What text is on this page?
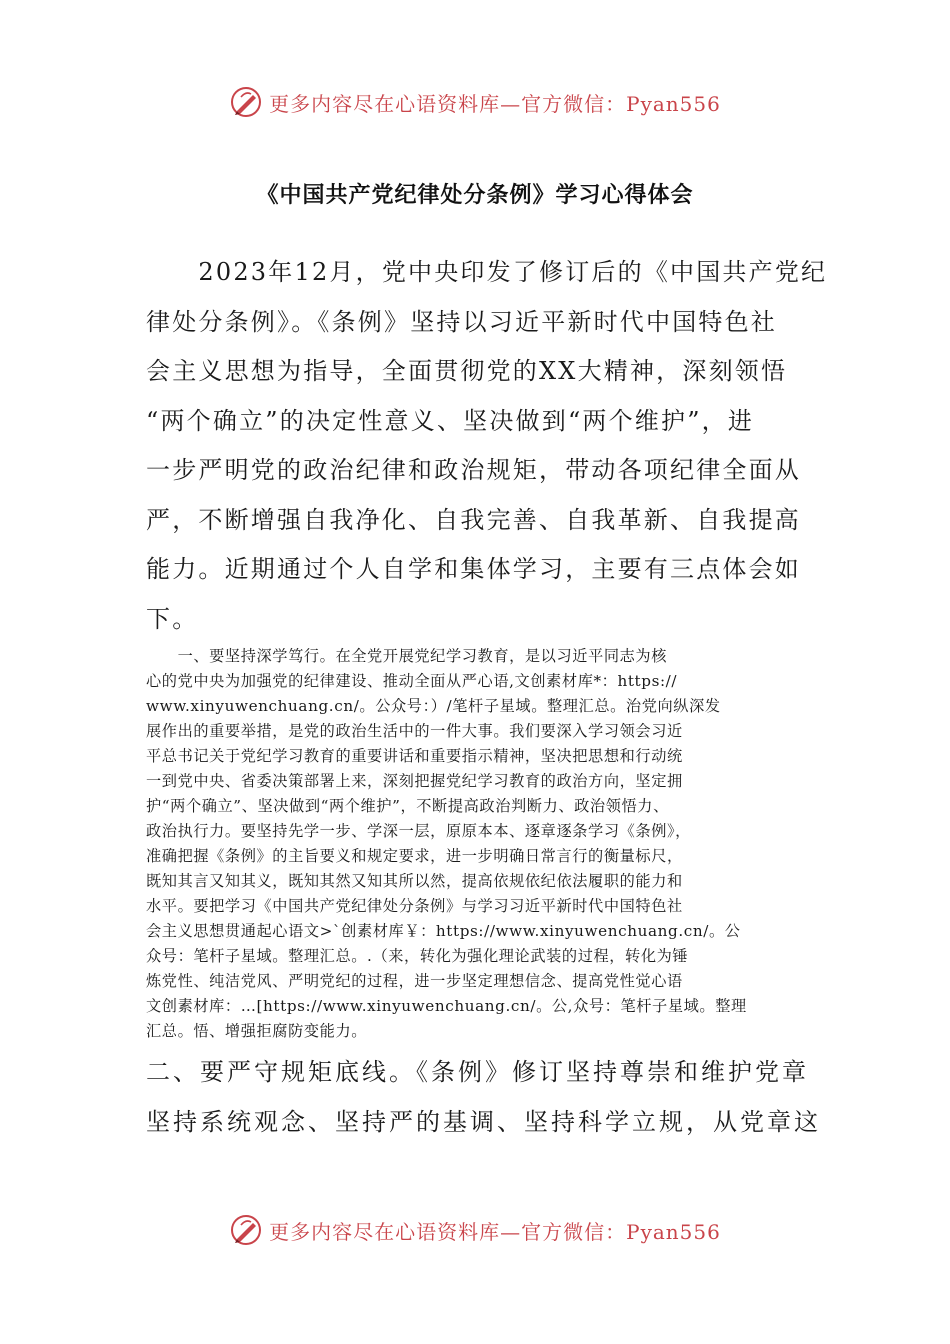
更多内容尽在心语资料库—官方微信：Pyan556
《中国共产党纪律处分条例》学习心得体会
　　2023年12月，党中央印发了修订后的《中国共产党纪
律处分条例》。《条例》坚持以习近平新时代中国特色社
会主义思想为指导，全面贯彻党的XX大精神，深刻领悟
“两个确立”的决定性意义、坚决做到“两个维护”，进
一步严明党的政治纪律和政治规矩，带动各项纪律全面从
严，不断增强自我净化、自我完善、自我革新、自我提高
能力。近期通过个人自学和集体学习，主要有三点体会如
下。
　　一、要坚持深学笃行。在全党开展党纪学习教育，是以习近平同志为核
心的党中央为加强党的纪律建设、推动全面从严心语,文创素材库*：https://
www.xinyuwenchuang.cn/。公众号：）/笔杆子星域。整理汇总。治党向纵深发
展作出的重要举措，是党的政治生活中的一件大事。我们要深入学习领会习近
平总书记关于党纪学习教育的重要讲话和重要指示精神，坚决把思想和行动统
一到党中央、省委决策部署上来，深刻把握党纪学习教育的政治方向，坚定拥
护“两个确立”、坚决做到“两个维护”，不断提高政治判断力、政治领悟力、
政治执行力。要坚持先学一步、学深一层，原原本本、逐章逐条学习《条例》，
准确把握《条例》的主旨要义和规定要求，进一步明确日常言行的衡量标尺，
既知其言又知其义，既知其然又知其所以然，提高依规依纪依法履职的能力和
水平。要把学习《中国共产党纪律处分条例》与学习习近平新时代中国特色社
会主义思想贯通起心语文>`创素材库￥：https://www.xinyuwenchuang.cn/。公
众号：笔杆子星域。整理汇总。.（来，转化为强化理论武装的过程，转化为锤
炼党性、纯洁党风、严明党纪的过程，进一步坚定理想信念、提高党性觉心语
文创素材库：…[https://www.xinyuwenchuang.cn/。公,众号：笔杆子星域。整理
汇总。悟、增强拒腐防变能力。
二、要严守规矩底线。《条例》修订坚持尊崇和维护党章
坚持系统观念、坚持严的基调、坚持科学立规，从党章这
更多内容尽在心语资料库—官方微信：Pyan556
